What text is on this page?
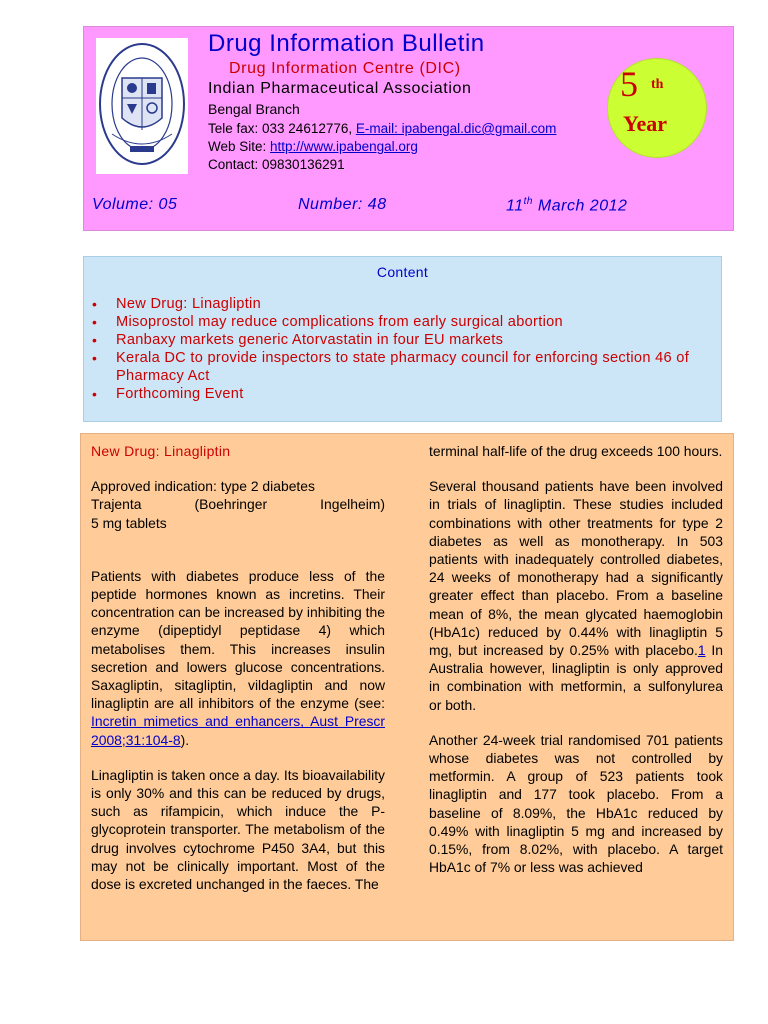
Drug Information Bulletin
Drug Information Centre (DIC)
Indian Pharmaceutical Association
Bengal Branch
Tele fax: 033 24612776, E-mail: ipabengal.dic@gmail.com
Web Site: http://www.ipabengal.org
Contact: 09830136291
5 th
Year
Volume: 05	Number: 48	11th March 2012
Content
• New Drug: Linagliptin
• Misoprostol may reduce complications from early surgical abortion
• Ranbaxy markets generic Atorvastatin in four EU markets
• Kerala DC to provide inspectors to state pharmacy council for enforcing section 46 of Pharmacy Act
• Forthcoming Event

New Drug: Linagliptin

Approved indication: type 2 diabetes

Trajenta	(Boehringer	Ingelheim)

5 mg tablets

Patients with diabetes produce less of the peptide hormones known as incretins. Their concentration can be increased by inhibiting the enzyme (dipeptidyl peptidase 4) which metabolises them. This increases insulin secretion and lowers glucose concentrations. Saxagliptin, sitagliptin, vildagliptin and now linagliptin are all inhibitors of the enzyme (see: Incretin mimetics and enhancers, Aust Prescr 2008;31:104-8).

Linagliptin is taken once a day. Its bioavailability is only 30% and this can be reduced by drugs, such as rifampicin, which induce the P-glycoprotein transporter. The metabolism of the drug involves cytochrome P450 3A4, but this may not be clinically important. Most of the dose is excreted unchanged in the faeces. The

terminal half-life of the drug exceeds 100 hours.

Several thousand patients have been involved in trials of linagliptin. These studies included combinations with other treatments for type 2 diabetes as well as monotherapy. In 503 patients with inadequately controlled diabetes, 24 weeks of monotherapy had a significantly greater effect than placebo. From a baseline mean of 8%, the mean glycated haemoglobin (HbA1c) reduced by 0.44% with linagliptin 5 mg, but increased by 0.25% with placebo.1 In Australia however, linagliptin is only approved in combination with metformin, a sulfonylurea or both.

Another 24-week trial randomised 701 patients whose diabetes was not controlled by metformin. A group of 523 patients took linagliptin and 177 took placebo. From a baseline of 8.09%, the HbA1c reduced by 0.49% with linagliptin 5 mg and increased by 0.15%, from 8.02%, with placebo. A target HbA1c of 7% or less was achieved
